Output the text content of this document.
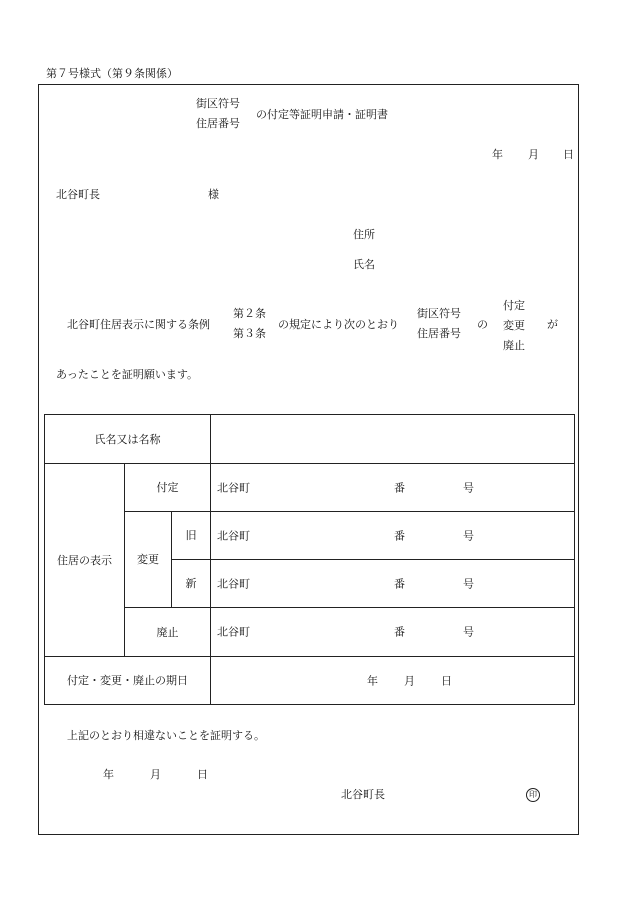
第７号様式（第９条関係）
街区符号
住居番号
の付定等証明申請・証明書
年 月 日
北谷町長	様
住所
氏名
北谷町住居表示に関する条例
第２条
第３条
の規定により次のとおり
街区符号
住居番号
の
付定
変更
廃止
が
あったことを証明願います。
氏名又は名称			
住居の表示	付定		北谷町 番 号

	変更	旧	北谷町 番 号

		新	北谷町 番 号

	廃止		北谷町 番 号

付定・変更・廃止の期日			年 月 日
上記のとおり相違ないことを証明する。
年	月	日
北谷町長	印
